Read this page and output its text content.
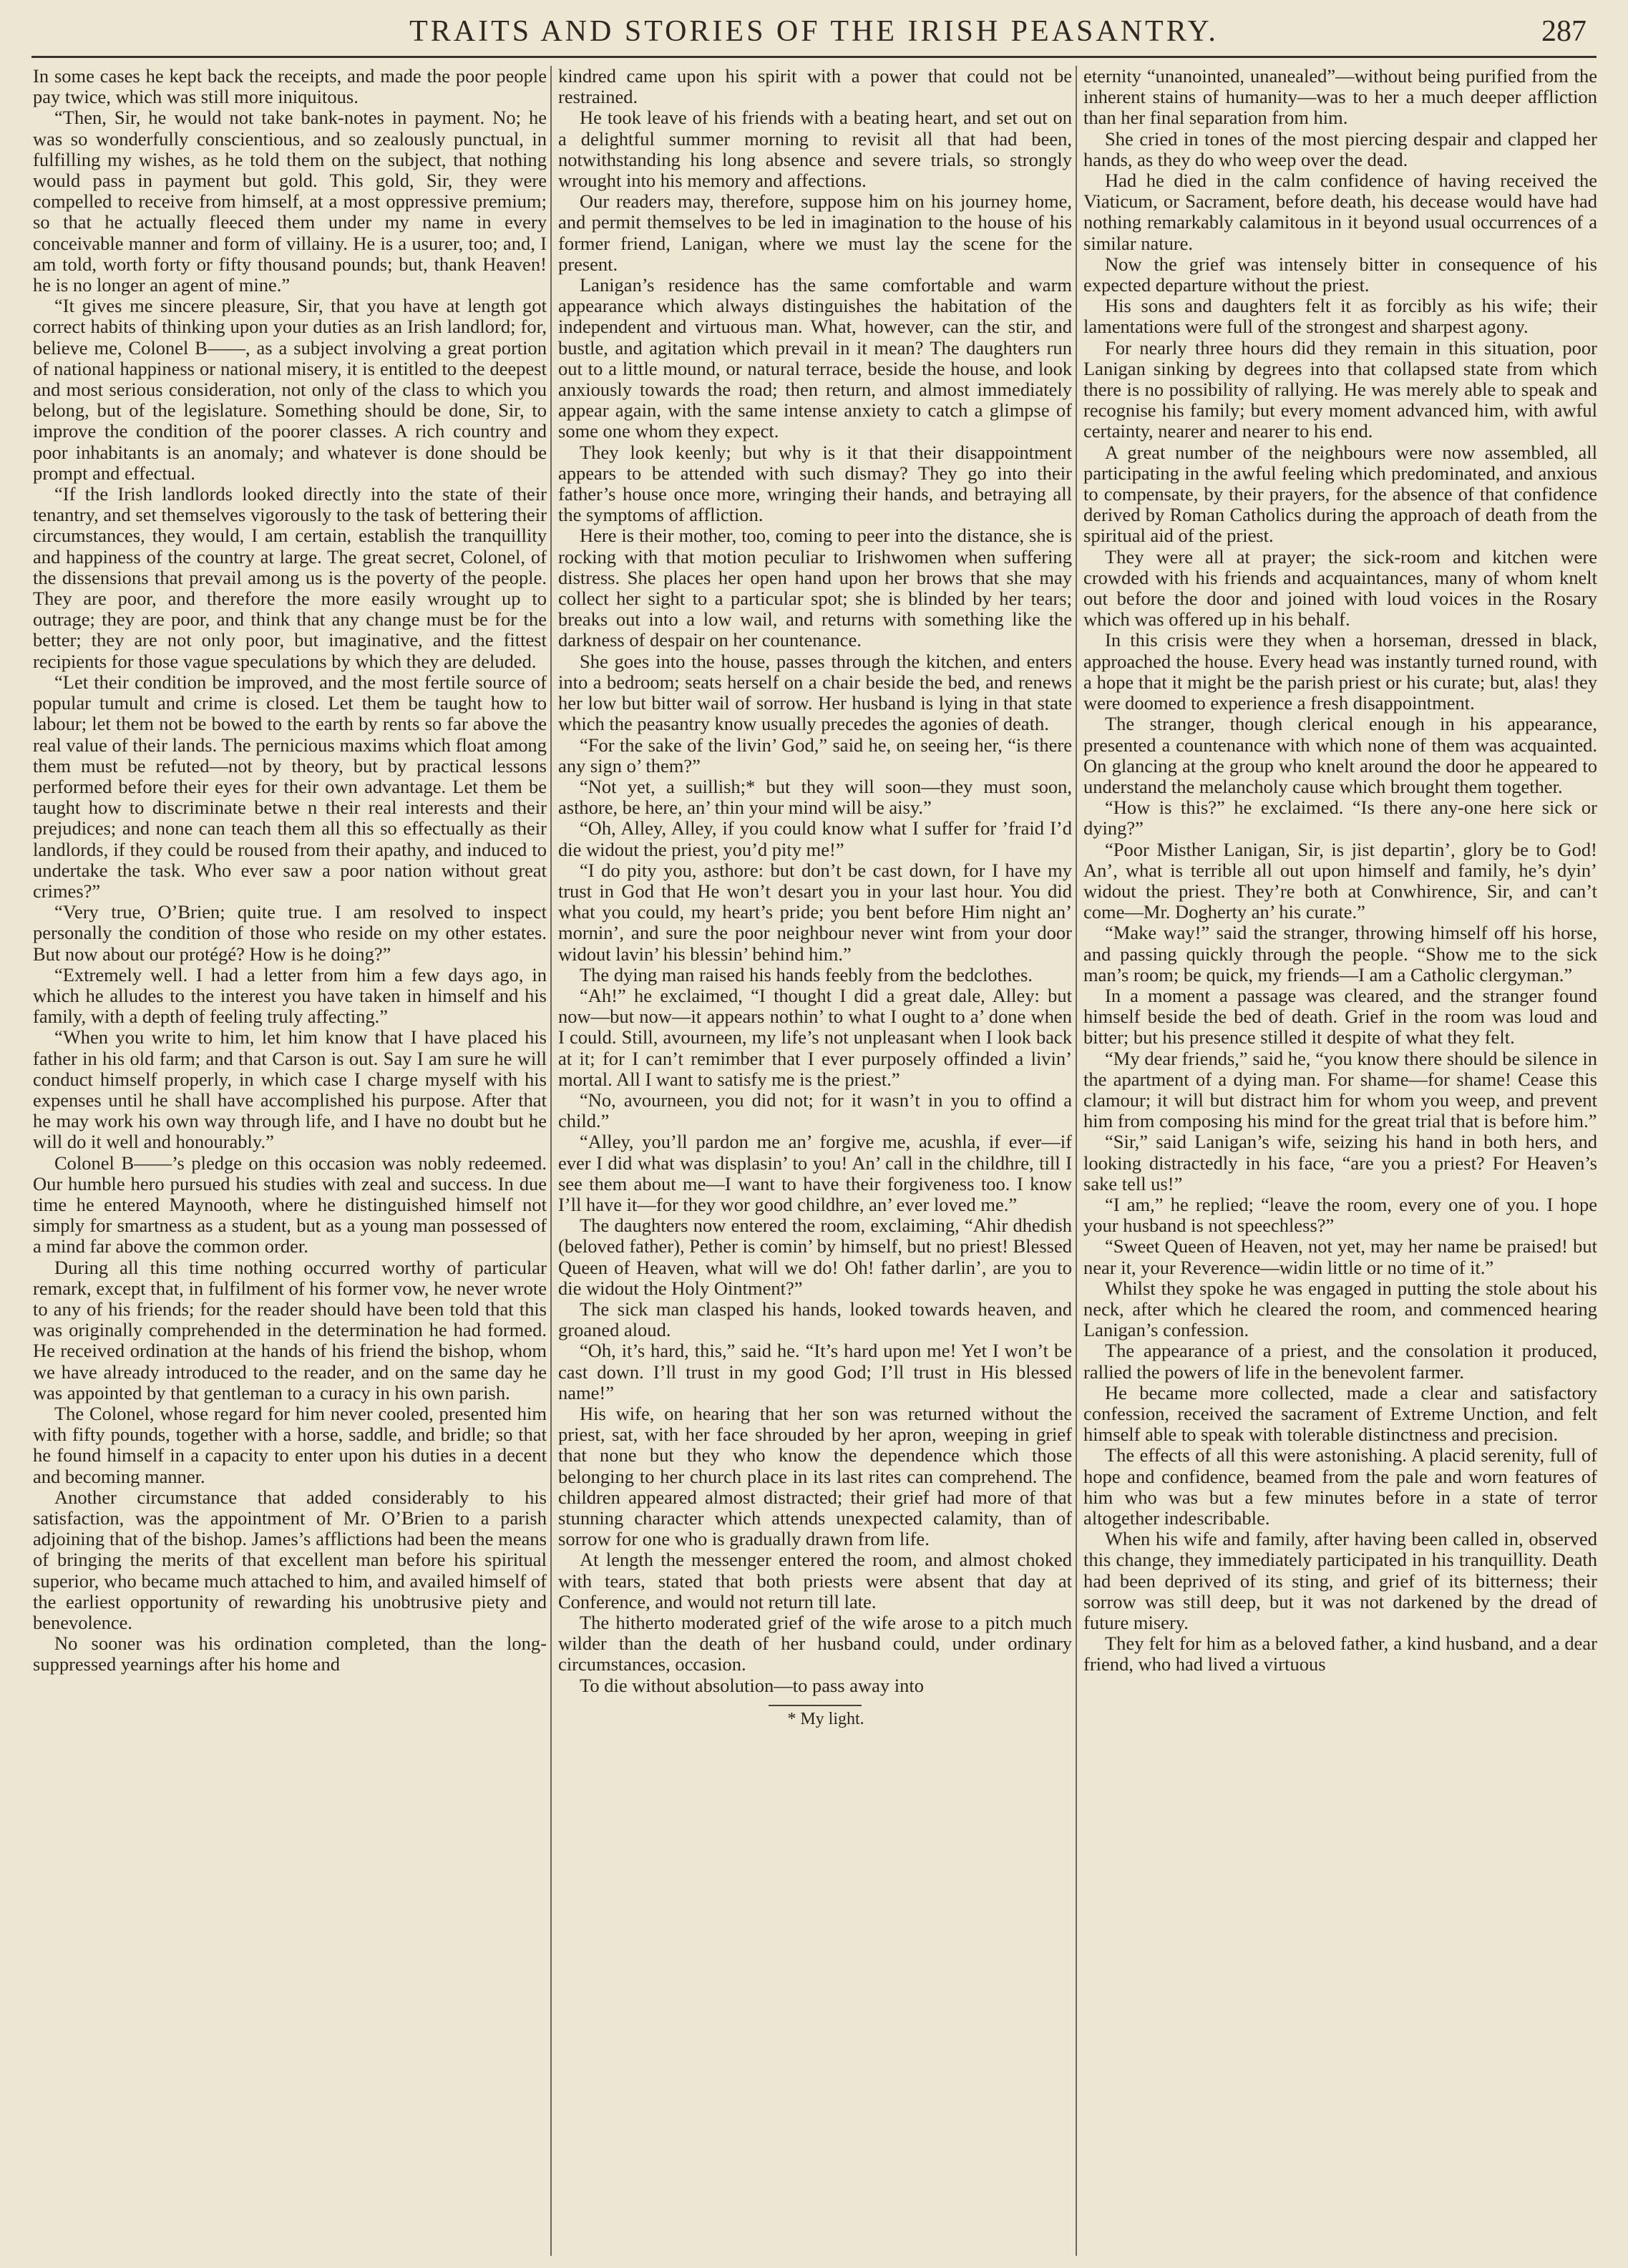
TRAITS AND STORIES OF THE IRISH PEASANTRY.	287

In some cases he kept back the receipts, and made the poor people pay twice, which was still more iniquitous.

“Then, Sir, he would not take bank-notes in payment. No; he was so wonderfully conscientious, and so zealously punctual, in fulfilling my wishes, as he told them on the subject, that nothing would pass in payment but gold. This gold, Sir, they were compelled to receive from himself, at a most oppressive premium; so that he actually fleeced them under my name in every conceivable manner and form of villainy. He is a usurer, too; and, I am told, worth forty or fifty thousand pounds; but, thank Heaven! he is no longer an agent of mine.”

“It gives me sincere pleasure, Sir, that you have at length got correct habits of thinking upon your duties as an Irish landlord; for, believe me, Colonel B——, as a subject involving a great portion of national happiness or national misery, it is entitled to the deepest and most serious consideration, not only of the class to which you belong, but of the legislature. Something should be done, Sir, to improve the condition of the poorer classes. A rich country and poor inhabitants is an anomaly; and whatever is done should be prompt and effectual.

“If the Irish landlords looked directly into the state of their tenantry, and set themselves vigorously to the task of bettering their circumstances, they would, I am certain, establish the tranquillity and happiness of the country at large. The great secret, Colonel, of the dissensions that prevail among us is the poverty of the people. They are poor, and therefore the more easily wrought up to outrage; they are poor, and think that any change must be for the better; they are not only poor, but imaginative, and the fittest recipients for those vague speculations by which they are deluded.

“Let their condition be improved, and the most fertile source of popular tumult and crime is closed. Let them be taught how to labour; let them not be bowed to the earth by rents so far above the real value of their lands. The pernicious maxims which float among them must be refuted—not by theory, but by practical lessons performed before their eyes for their own advantage. Let them be taught how to discriminate betwe n their real interests and their prejudices; and none can teach them all this so effectually as their landlords, if they could be roused from their apathy, and induced to undertake the task. Who ever saw a poor nation without great crimes?”

“Very true, O’Brien; quite true. I am resolved to inspect personally the condition of those who reside on my other estates. But now about our protégé? How is he doing?”

“Extremely well. I had a letter from him a few days ago, in which he alludes to the interest you have taken in himself and his family, with a depth of feeling truly affecting.”

“When you write to him, let him know that I have placed his father in his old farm; and that Carson is out. Say I am sure he will conduct himself properly, in which case I charge myself with his expenses until he shall have accomplished his purpose. After that he may work his own way through life, and I have no doubt but he will do it well and honourably.”

Colonel B——’s pledge on this occasion was nobly redeemed. Our humble hero pursued his studies with zeal and success. In due time he entered Maynooth, where he distinguished himself not simply for smartness as a student, but as a young man possessed of a mind far above the common order.

During all this time nothing occurred worthy of particular remark, except that, in fulfilment of his former vow, he never wrote to any of his friends; for the reader should have been told that this was originally comprehended in the determination he had formed. He received ordination at the hands of his friend the bishop, whom we have already introduced to the reader, and on the same day he was appointed by that gentleman to a curacy in his own parish.

The Colonel, whose regard for him never cooled, presented him with fifty pounds, together with a horse, saddle, and bridle; so that he found himself in a capacity to enter upon his duties in a decent and becoming manner.

Another circumstance that added considerably to his satisfaction, was the appointment of Mr. O’Brien to a parish adjoining that of the bishop. James’s afflictions had been the means of bringing the merits of that excellent man before his spiritual superior, who became much attached to him, and availed himself of the earliest opportunity of rewarding his unobtrusive piety and benevolence.

No sooner was his ordination completed, than the long-suppressed yearnings after his home and

kindred came upon his spirit with a power that could not be restrained.

He took leave of his friends with a beating heart, and set out on a delightful summer morning to revisit all that had been, notwithstanding his long absence and severe trials, so strongly wrought into his memory and affections.

Our readers may, therefore, suppose him on his journey home, and permit themselves to be led in imagination to the house of his former friend, Lanigan, where we must lay the scene for the present.

Lanigan’s residence has the same comfortable and warm appearance which always distinguishes the habitation of the independent and virtuous man. What, however, can the stir, and bustle, and agitation which prevail in it mean? The daughters run out to a little mound, or natural terrace, beside the house, and look anxiously towards the road; then return, and almost immediately appear again, with the same intense anxiety to catch a glimpse of some one whom they expect.

They look keenly; but why is it that their disappointment appears to be attended with such dismay? They go into their father’s house once more, wringing their hands, and betraying all the symptoms of affliction.

Here is their mother, too, coming to peer into the distance, she is rocking with that motion peculiar to Irishwomen when suffering distress. She places her open hand upon her brows that she may collect her sight to a particular spot; she is blinded by her tears; breaks out into a low wail, and returns with something like the darkness of despair on her countenance.

She goes into the house, passes through the kitchen, and enters into a bedroom; seats herself on a chair beside the bed, and renews her low but bitter wail of sorrow. Her husband is lying in that state which the peasantry know usually precedes the agonies of death.

“For the sake of the livin’ God,” said he, on seeing her, “is there any sign o’ them?”

“Not yet, a suillish;* but they will soon—they must soon, asthore, be here, an’ thin your mind will be aisy.”

“Oh, Alley, Alley, if you could know what I suffer for ’fraid I’d die widout the priest, you’d pity me!”

“I do pity you, asthore: but don’t be cast down, for I have my trust in God that He won’t desart you in your last hour. You did what you could, my heart’s pride; you bent before Him night an’ mornin’, and sure the poor neighbour never wint from your door widout lavin’ his blessin’ behind him.”

The dying man raised his hands feebly from the bedclothes.

“Ah!” he exclaimed, “I thought I did a great dale, Alley: but now—but now—it appears nothin’ to what I ought to a’ done when I could. Still, avourneen, my life’s not unpleasant when I look back at it; for I can’t remimber that I ever purposely offinded a livin’ mortal. All I want to satisfy me is the priest.”

“No, avourneen, you did not; for it wasn’t in you to offind a child.”

“Alley, you’ll pardon me an’ forgive me, acushla, if ever—if ever I did what was displasin’ to you! An’ call in the childhre, till I see them about me—I want to have their forgiveness too. I know I’ll have it—for they wor good childhre, an’ ever loved me.”

The daughters now entered the room, exclaiming, “Ahir dhedish (beloved father), Pether is comin’ by himself, but no priest! Blessed Queen of Heaven, what will we do! Oh! father darlin’, are you to die widout the Holy Ointment?”

The sick man clasped his hands, looked towards heaven, and groaned aloud.

“Oh, it’s hard, this,” said he. “It’s hard upon me! Yet I won’t be cast down. I’ll trust in my good God; I’ll trust in His blessed name!”

His wife, on hearing that her son was returned without the priest, sat, with her face shrouded by her apron, weeping in grief that none but they who know the dependence which those belonging to her church place in its last rites can comprehend. The children appeared almost distracted; their grief had more of that stunning character which attends unexpected calamity, than of sorrow for one who is gradually drawn from life.

At length the messenger entered the room, and almost choked with tears, stated that both priests were absent that day at Conference, and would not return till late.

The hitherto moderated grief of the wife arose to a pitch much wilder than the death of her husband could, under ordinary circumstances, occasion.

To die without absolution—to pass away into

* My light.

eternity “unanointed, unanealed”—without being purified from the inherent stains of humanity—was to her a much deeper affliction than her final separation from him.

She cried in tones of the most piercing despair and clapped her hands, as they do who weep over the dead.

Had he died in the calm confidence of having received the Viaticum, or Sacrament, before death, his decease would have had nothing remarkably calamitous in it beyond usual occurrences of a similar nature.

Now the grief was intensely bitter in consequence of his expected departure without the priest.

His sons and daughters felt it as forcibly as his wife; their lamentations were full of the strongest and sharpest agony.

For nearly three hours did they remain in this situation, poor Lanigan sinking by degrees into that collapsed state from which there is no possibility of rallying. He was merely able to speak and recognise his family; but every moment advanced him, with awful certainty, nearer and nearer to his end.

A great number of the neighbours were now assembled, all participating in the awful feeling which predominated, and anxious to compensate, by their prayers, for the absence of that confidence derived by Roman Catholics during the approach of death from the spiritual aid of the priest.

They were all at prayer; the sick-room and kitchen were crowded with his friends and acquaintances, many of whom knelt out before the door and joined with loud voices in the Rosary which was offered up in his behalf.

In this crisis were they when a horseman, dressed in black, approached the house. Every head was instantly turned round, with a hope that it might be the parish priest or his curate; but, alas! they were doomed to experience a fresh disappointment.

The stranger, though clerical enough in his appearance, presented a countenance with which none of them was acquainted. On glancing at the group who knelt around the door he appeared to understand the melancholy cause which brought them together.

“How is this?” he exclaimed. “Is there any-one here sick or dying?”

“Poor Misther Lanigan, Sir, is jist departin’, glory be to God! An’, what is terrible all out upon himself and family, he’s dyin’ widout the priest. They’re both at Conwhirence, Sir, and can’t come—Mr. Dogherty an’ his curate.”

“Make way!” said the stranger, throwing himself off his horse, and passing quickly through the people. “Show me to the sick man’s room; be quick, my friends—I am a Catholic clergyman.”

In a moment a passage was cleared, and the stranger found himself beside the bed of death. Grief in the room was loud and bitter; but his presence stilled it despite of what they felt.

“My dear friends,” said he, “you know there should be silence in the apartment of a dying man. For shame—for shame! Cease this clamour; it will but distract him for whom you weep, and prevent him from composing his mind for the great trial that is before him.”

“Sir,” said Lanigan’s wife, seizing his hand in both hers, and looking distractedly in his face, “are you a priest? For Heaven’s sake tell us!”

“I am,” he replied; “leave the room, every one of you. I hope your husband is not speechless?”

“Sweet Queen of Heaven, not yet, may her name be praised! but near it, your Reverence—widin little or no time of it.”

Whilst they spoke he was engaged in putting the stole about his neck, after which he cleared the room, and commenced hearing Lanigan’s confession.

The appearance of a priest, and the consolation it produced, rallied the powers of life in the benevolent farmer.

He became more collected, made a clear and satisfactory confession, received the sacrament of Extreme Unction, and felt himself able to speak with tolerable distinctness and precision.

The effects of all this were astonishing. A placid serenity, full of hope and confidence, beamed from the pale and worn features of him who was but a few minutes before in a state of terror altogether indescribable.

When his wife and family, after having been called in, observed this change, they immediately participated in his tranquillity. Death had been deprived of its sting, and grief of its bitterness; their sorrow was still deep, but it was not darkened by the dread of future misery.

They felt for him as a beloved father, a kind husband, and a dear friend, who had lived a virtuous
